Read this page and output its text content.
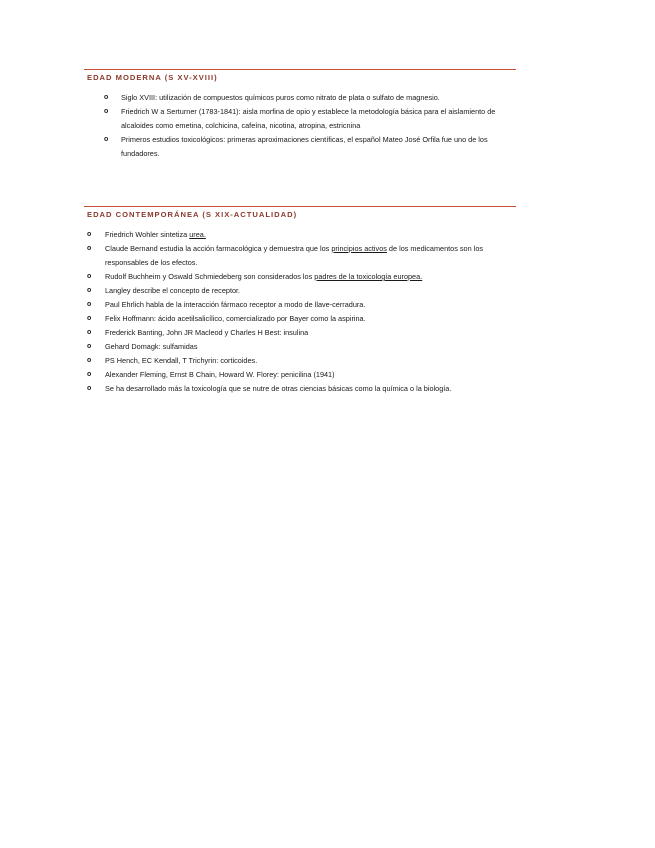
EDAD MODERNA (S XV-XVIII)
o Siglo XVIII: utilización de compuestos químicos puros como nitrato de plata o sulfato de magnesio.
o Friedrich W a Serturner (1783-1841): aisla morfina de opio y establece la metodología básica para el aislamiento de alcaloides como emetina, colchicina, cafeína, nicotina, atropina, estricnina
o Primeros estudios toxicológicos: primeras aproximaciones científicas, el español Mateo José Orfila fue uno de los fundadores.
EDAD CONTEMPORÁNEA (S XIX-ACTUALIDAD)
o Friedrich Wohler sintetiza urea.
o Claude Bernand estudia la acción farmacológica y demuestra que los principios activos de los medicamentos son los responsables de los efectos.
o Rudolf Buchheim y Oswald Schmiedeberg son considerados los padres de la toxicología europea.
o Langley describe el concepto de receptor.
o Paul Ehrlich habla de la interacción fármaco receptor a modo de llave-cerradura.
o Felix Hoffmann: ácido acetilsalicílico, comercializado por Bayer como la aspirina.
o Frederick Banting, John JR Macleod y Charles H Best: insulina
o Gehard Domagk: sulfamidas
o PS Hench, EC Kendall, T Trichyrin: corticoides.
o Alexander Fleming, Ernst B Chain, Howard W. Florey: penicilina (1941)
o Se ha desarrollado más la toxicología que se nutre de otras ciencias básicas como la química o la biología.
